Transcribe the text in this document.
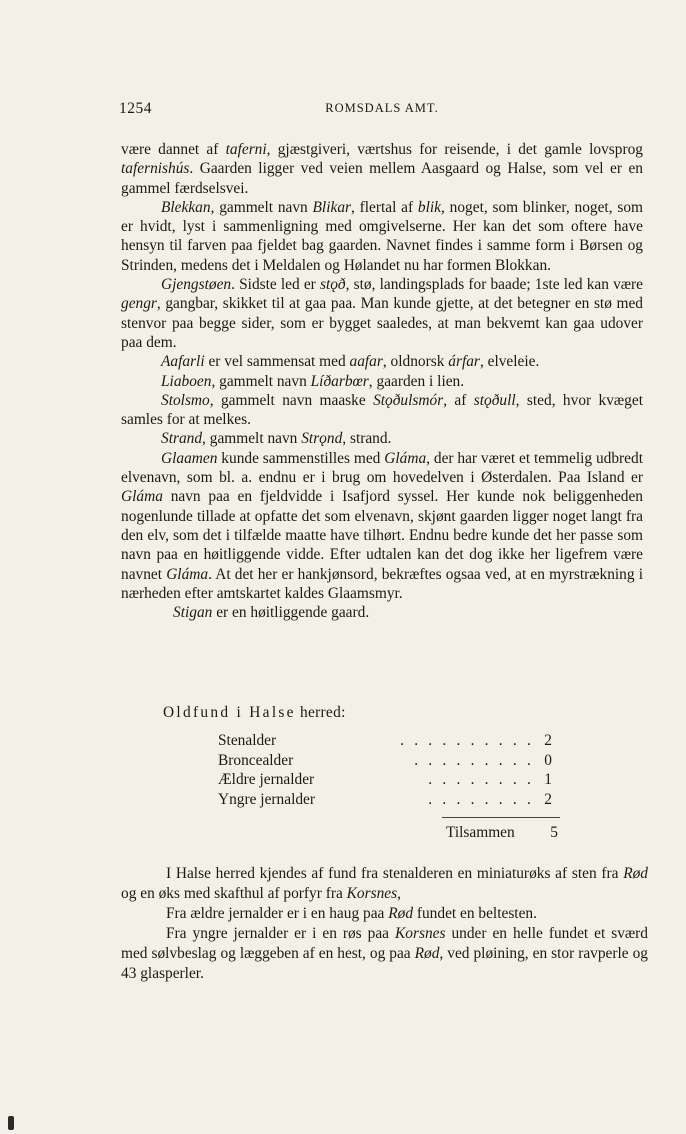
1254	ROMSDALS AMT.

være dannet af taferni, gjæstgiveri, værtshus for reisende, i det gamle lovsprog tafernishús. Gaarden ligger ved veien mellem Aasgaard og Halse, som vel er en gammel færdselsvei.

Blekkan, gammelt navn Blikar, flertal af blik, noget, som blinker, noget, som er hvidt, lyst i sammenligning med omgivelserne. Her kan det som oftere have hensyn til farven paa fjeldet bag gaarden. Navnet findes i samme form i Børsen og Strinden, medens det i Meldalen og Hølandet nu har formen Blokkan.

Gjengstøen. Sidste led er stǫð, stø, landingsplads for baade; 1ste led kan være gengr, gangbar, skikket til at gaa paa. Man kunde gjette, at det betegner en stø med stenvor paa begge sider, som er bygget saaledes, at man bekvemt kan gaa udover paa dem.

Aafarli er vel sammensat med aafar, oldnorsk árfar, elveleie.

Liaboen, gammelt navn Líðarbœr, gaarden i lien.

Stolsmo, gammelt navn maaske Stǫðulsmór, af stǫðull, sted, hvor kvæget samles for at melkes.

Strand, gammelt navn Strǫnd, strand.

Glaamen kunde sammenstilles med Gláma, der har været et temmelig udbredt elvenavn, som bl. a. endnu er i brug om hovedelven i Østerdalen. Paa Island er Gláma navn paa en fjeldvidde i Isafjord syssel. Her kunde nok beliggenheden nogenlunde tillade at opfatte det som elvenavn, skjønt gaarden ligger noget langt fra den elv, som det i tilfælde maatte have tilhørt. Endnu bedre kunde det her passe som navn paa en høitliggende vidde. Efter udtalen kan det dog ikke her ligefrem være navnet Gláma. At det her er hankjønsord, bekræftes ogsaa ved, at en myrstrækning i nærheden efter amtskartet kaldes Glaamsmyr.

Stigan er en høitliggende gaard.

Oldfund i Halse herred:
Stenalder	. . . . . . . . . . 2
Broncealder	. . . . . . . . . 0
Ældre jernalder	. . . . . . . . 1
Yngre jernalder	. . . . . . . . 2
Tilsammen 5

I Halse herred kjendes af fund fra stenalderen en miniaturøks af sten fra Rød og en øks med skafthul af porfyr fra Korsnes,

Fra ældre jernalder er i en haug paa Rød fundet en beltesten.

Fra yngre jernalder er i en røs paa Korsnes under en helle fundet et sværd med sølvbeslag og læggeben af en hest, og paa Rød, ved pløining, en stor ravperle og 43 glasperler.
